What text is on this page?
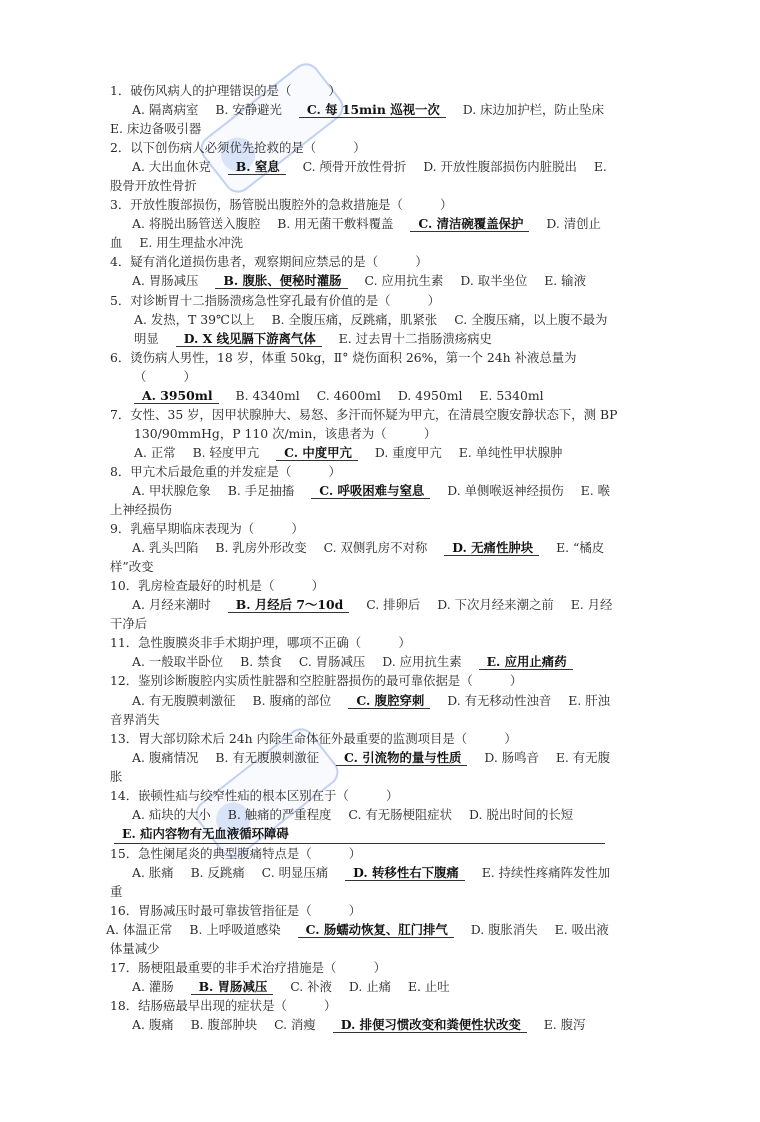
1．破伤风病人的护理错误的是（　　　）
A. 隔离病室 B. 安静避光 C. 每 15min 巡视一次 D. 床边加护栏，防止坠床 E. 床边备吸引器
2．以下创伤病人必须优先抢救的是（　　　）
A. 大出血休克 B. 窒息 C. 颅骨开放性骨折 D. 开放性腹部损伤内脏脱出 E. 股骨开放性骨折
3．开放性腹部损伤，肠管脱出腹腔外的急救措施是（　　　）
A. 将脱出肠管送入腹腔 B. 用无菌干敷料覆盖 C. 清洁碗覆盖保护 D. 清创止血 E. 用生理盐水冲洗
4．疑有消化道损伤患者，观察期间应禁忌的是（　　　）
A. 胃肠减压 B. 腹胀、便秘时灌肠 C. 应用抗生素 D. 取半坐位 E. 输液
5．对诊断胃十二指肠溃疡急性穿孔最有价值的是（　　　）
A. 发热，T 39℃以上 B. 全腹压痛，反跳痛，肌紧张 C. 全腹压痛，以上腹不最为明显 D. X 线见膈下游离气体 E. 过去胃十二指肠溃疡病史
6．烫伤病人男性，18 岁，体重 50kg，Ⅱ° 烧伤面积 26%，第一个 24h 补液总量为（　　　）
A. 3950ml B. 4340ml C. 4600ml D. 4950ml E. 5340ml
7．女性、35 岁，因甲状腺肿大、易怒、多汗而怀疑为甲亢，在清晨空腹安静状态下，测 BP 130/90mmHg，P 110 次/min，该患者为（　　　）
A. 正常 B. 轻度甲亢 C. 中度甲亢 D. 重度甲亢 E. 单纯性甲状腺肿
8．甲亢术后最危重的并发症是（　　　）
A. 甲状腺危象 B. 手足抽搐 C. 呼吸困难与窒息 D. 单侧喉返神经损伤 E. 喉上神经损伤
9．乳癌早期临床表现为（　　　）
A. 乳头凹陷 B. 乳房外形改变 C. 双侧乳房不对称 D. 无痛性肿块 E. “橘皮样”改变
10．乳房检查最好的时机是（　　　）
A. 月经来潮时 B. 月经后 7～10d C. 排卵后 D. 下次月经来潮之前 E. 月经干净后
11．急性腹膜炎非手术期护理，哪项不正确（　　　）
A. 一般取半卧位 B. 禁食 C. 胃肠减压 D. 应用抗生素 E. 应用止痛药
12．鉴别诊断腹腔内实质性脏器和空腔脏器损伤的最可靠依据是（　　　）
A. 有无腹膜刺激征 B. 腹痛的部位 C. 腹腔穿刺 D. 有无移动性浊音 E. 肝浊音界消失
13．胃大部切除术后 24h 内除生命体征外最重要的监测项目是（　　　）
A. 腹痛情况 B. 有无腹膜刺激征 C. 引流物的量与性质 D. 肠鸣音 E. 有无腹胀
14．嵌顿性疝与绞窄性疝的根本区别在于（　　　）
A. 疝块的大小 B. 触痛的严重程度 C. 有无肠梗阻症状 D. 脱出时间的长短
E. 疝内容物有无血液循环障碍
15．急性阑尾炎的典型腹痛特点是（　　　）
A. 胀痛 B. 反跳痛 C. 明显压痛 D. 转移性右下腹痛 E. 持续性疼痛阵发性加重
16．胃肠减压时最可靠拔管指征是（　　　）
A. 体温正常 B. 上呼吸道感染 C. 肠蠕动恢复、肛门排气 D. 腹胀消失 E. 吸出液体量减少
17．肠梗阻最重要的非手术治疗措施是（　　　）
A. 灌肠 B. 胃肠减压 C. 补液 D. 止痛 E. 止吐
18．结肠癌最早出现的症状是（　　　）
A. 腹痛 B. 腹部肿块 C. 消瘦 D. 排便习惯改变和粪便性状改变 E. 腹泻
